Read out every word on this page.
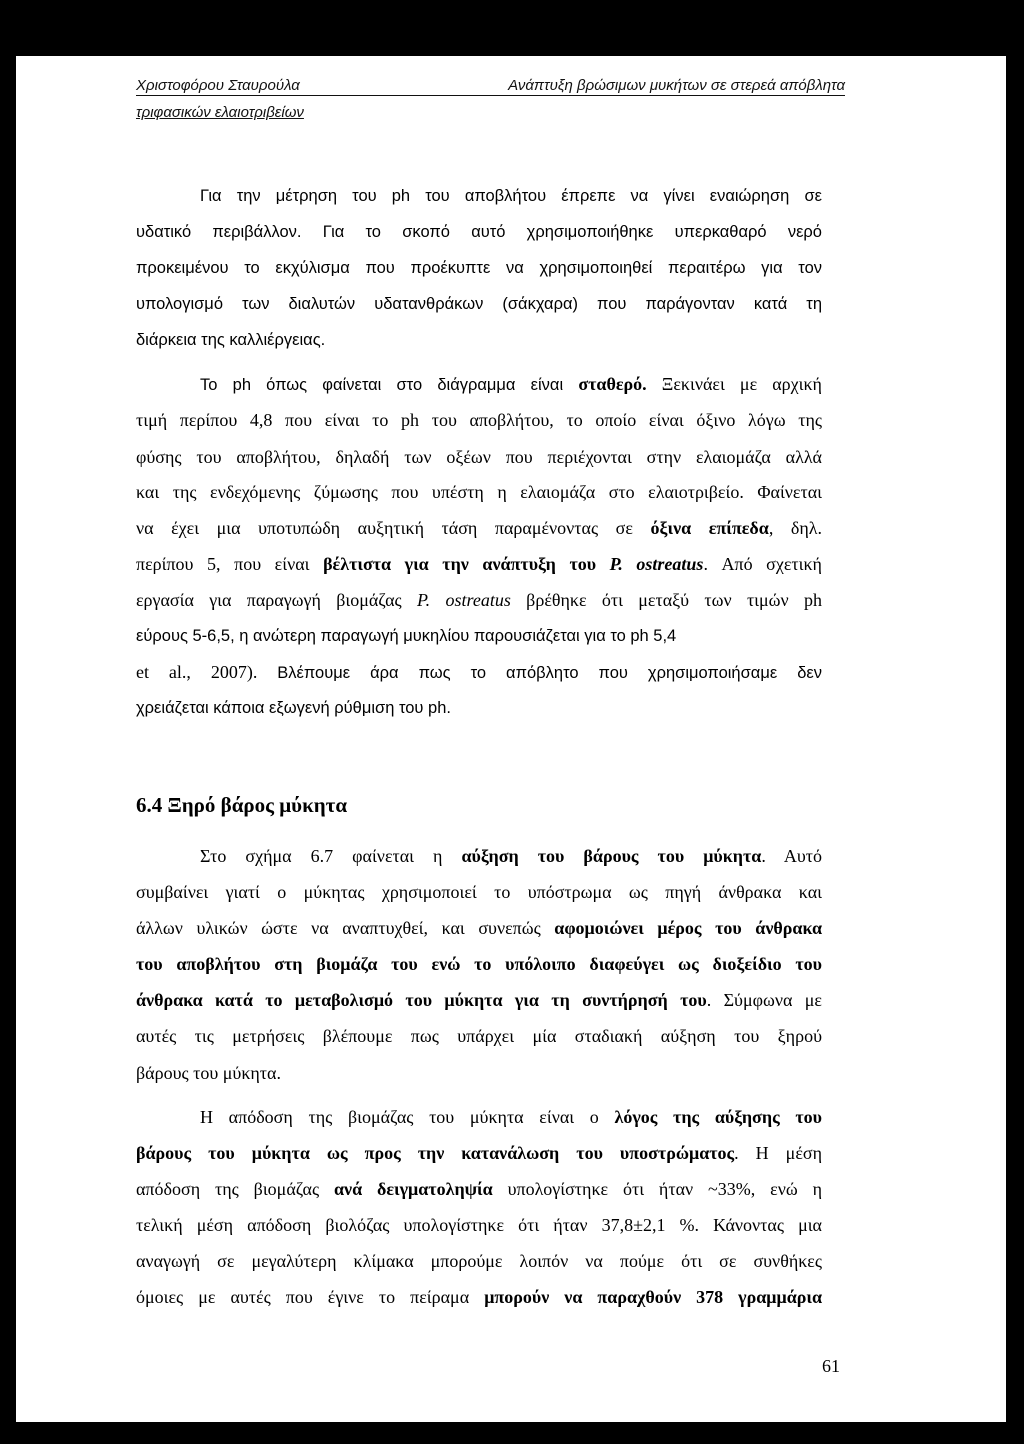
Χριστοφόρου Σταυρούλα	Ανάπτυξη βρώσιμων μυκήτων σε στερεά απόβλητα
τριφασικών ελαιοτριβείων
Για την μέτρηση του ph του αποβλήτου έπρεπε να γίνει εναιώρηση σε
υδατικό περιβάλλον. Για το σκοπό αυτό χρησιμοποιήθηκε υπερκαθαρό νερό
προκειμένου το εκχύλισμα που προέκυπτε να χρησιμοποιηθεί περαιτέρω για τον
υπολογισμό των διαλυτών υδατανθράκων (σάκχαρα) που παράγονταν κατά τη
διάρκεια της καλλιέργειας.
Το ph όπως φαίνεται στο διάγραμμα είναι σταθερό. Ξεκινάει με αρχική
τιμή περίπου 4,8 που είναι το ph του αποβλήτου, το οποίο είναι όξινο λόγω της
φύσης του αποβλήτου, δηλαδή των οξέων που περιέχονται στην ελαιομάζα αλλά
και της ενδεχόμενης ζύμωσης που υπέστη η ελαιομάζα στο ελαιοτριβείο. Φαίνεται
να έχει μια υποτυπώδη αυξητική τάση παραμένοντας σε όξινα επίπεδα, δηλ.
περίπου 5, που είναι βέλτιστα για την ανάπτυξη του P. ostreatus. Από σχετική
εργασία για παραγωγή βιομάζας P. ostreatus βρέθηκε ότι μεταξύ των τιμών ph
εύρους 5-6,5, η ανώτερη παραγωγή μυκηλίου παρουσιάζεται για το ph 5,4
et al., 2007). Βλέπουμε άρα πως το απόβλητο που χρησιμοποιήσαμε δεν
χρειάζεται κάποια εξωγενή ρύθμιση του ph.
6.4 Ξηρό βάρος μύκητα
Στο σχήμα 6.7 φαίνεται η αύξηση του βάρους του μύκητα. Αυτό
συμβαίνει γιατί ο μύκητας χρησιμοποιεί το υπόστρωμα ως πηγή άνθρακα και
άλλων υλικών ώστε να αναπτυχθεί, και συνεπώς αφομοιώνει μέρος του άνθρακα
του αποβλήτου στη βιομάζα του ενώ το υπόλοιπο διαφεύγει ως διοξείδιο του
άνθρακα κατά το μεταβολισμό του μύκητα για τη συντήρησή του. Σύμφωνα με
αυτές τις μετρήσεις βλέπουμε πως υπάρχει μία σταδιακή αύξηση του ξηρού
βάρους του μύκητα.
Η απόδοση της βιομάζας του μύκητα είναι ο λόγος της αύξησης του
βάρους του μύκητα ως προς την κατανάλωση του υποστρώματος. Η μέση
απόδοση της βιομάζας ανά δειγματοληψία υπολογίστηκε ότι ήταν ~33%, ενώ η
τελική μέση απόδοση βιολόζας υπολογίστηκε ότι ήταν 37,8±2,1 %. Κάνοντας μια
αναγωγή σε μεγαλύτερη κλίμακα μπορούμε λοιπόν να πούμε ότι σε συνθήκες
όμοιες με αυτές που έγινε το πείραμα μπορούν να παραχθούν 378 γραμμάρια
61
